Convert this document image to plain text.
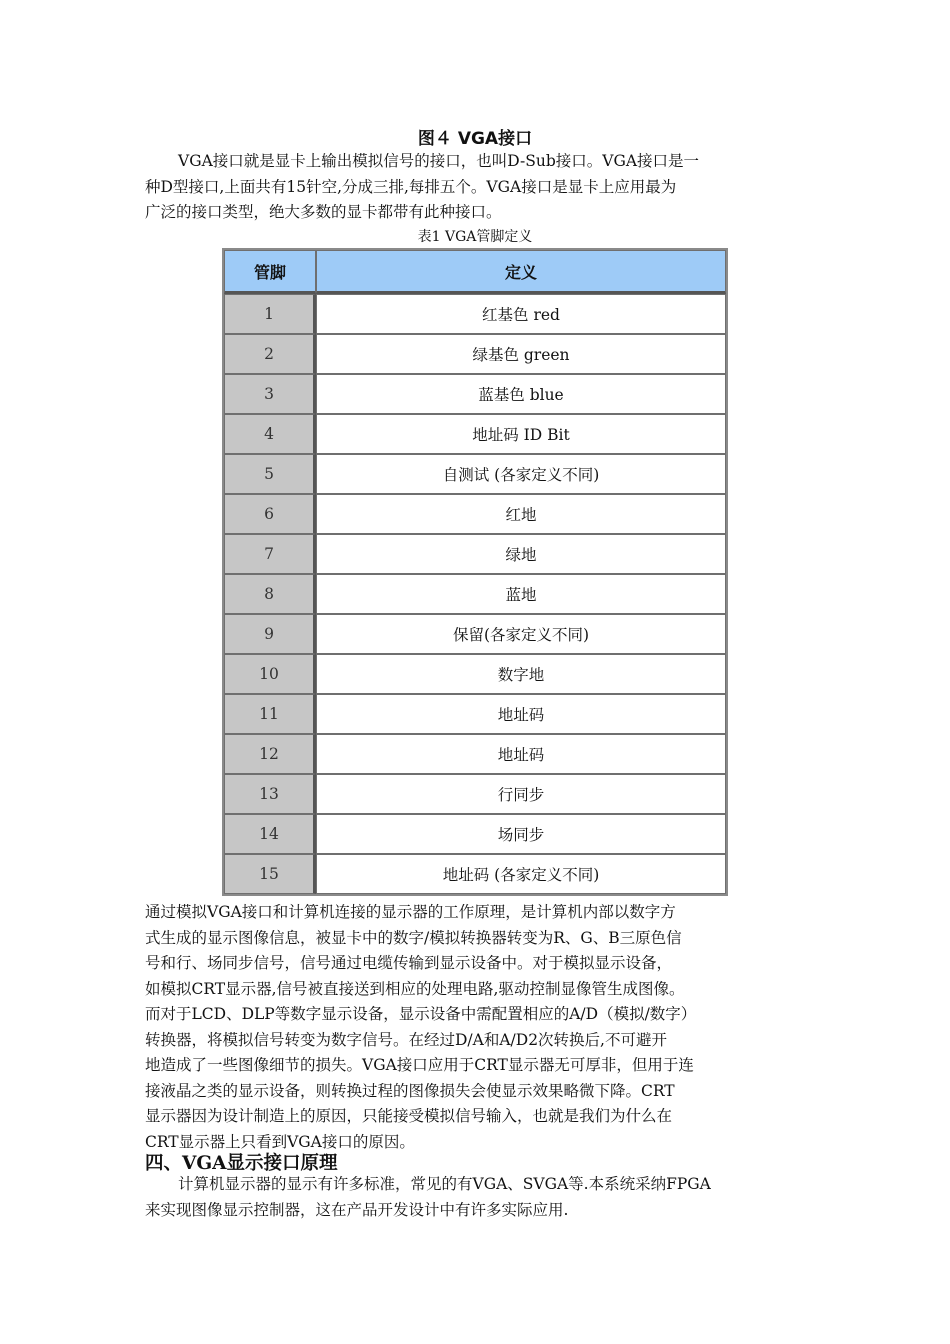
图４ VGA接口

VGA接口就是显卡上输出模拟信号的接口，也叫D-Sub接口。VGA接口是一
种D型接口,上面共有15针空,分成三排,每排五个。VGA接口是显卡上应用最为
广泛的接口类型，绝大多数的显卡都带有此种接口。

表1 VGA管脚定义
管脚	定义
1	红基色 red
2	绿基色 green
3	蓝基色 blue
4	地址码 ID Bit
5	自测试 (各家定义不同)
6	红地
7	绿地
8	蓝地
9	保留(各家定义不同)
10	数字地
11	地址码
12	地址码
13	行同步
14	场同步
15	地址码 (各家定义不同)

通过模拟VGA接口和计算机连接的显示器的工作原理，是计算机内部以数字方
式生成的显示图像信息，被显卡中的数字/模拟转换器转变为R、G、B三原色信
号和行、场同步信号，信号通过电缆传输到显示设备中。对于模拟显示设备，
如模拟CRT显示器,信号被直接送到相应的处理电路,驱动控制显像管生成图像。
而对于LCD、DLP等数字显示设备，显示设备中需配置相应的A/D（模拟/数字）
转换器，将模拟信号转变为数字信号。在经过D/A和A/D2次转换后,不可避开
地造成了一些图像细节的损失。VGA接口应用于CRT显示器无可厚非，但用于连
接液晶之类的显示设备，则转换过程的图像损失会使显示效果略微下降。CRT
显示器因为设计制造上的原因，只能接受模拟信号输入，也就是我们为什么在
CRT显示器上只看到VGA接口的原因。

四、VGA显示接口原理

计算机显示器的显示有许多标准，常见的有VGA、SVGA等.本系统采纳FPGA
来实现图像显示控制器，这在产品开发设计中有许多实际应用.
